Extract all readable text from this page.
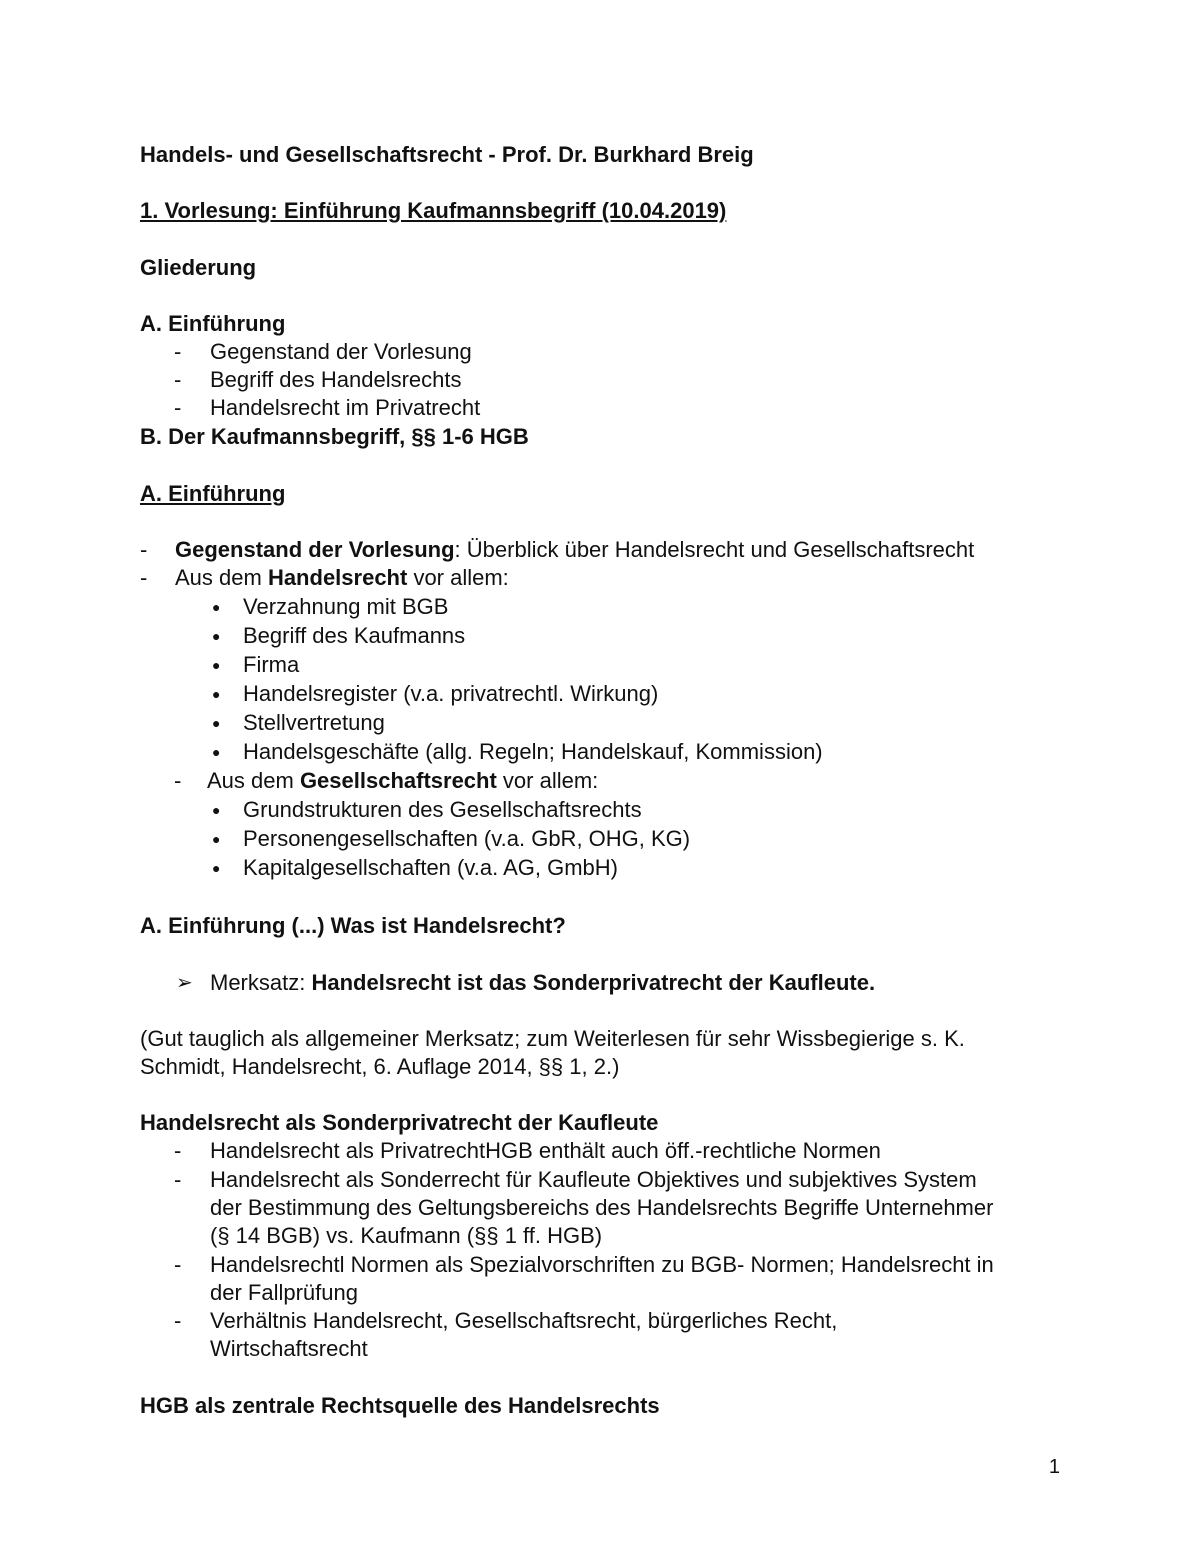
Handels- und Gesellschaftsrecht - Prof. Dr. Burkhard Breig
1. Vorlesung: Einführung Kaufmannsbegriff (10.04.2019)
Gliederung
A. Einführung
-	Gegenstand der Vorlesung
-	Begriff des Handelsrechts
-	Handelsrecht im Privatrecht
B. Der Kaufmannsbegriff, §§ 1-6 HGB
A. Einführung
-	Gegenstand der Vorlesung: Überblick über Handelsrecht und Gesellschaftsrecht
-	Aus dem Handelsrecht vor allem:
●	Verzahnung mit BGB
●	Begriff des Kaufmanns
●	Firma
●	Handelsregister (v.a. privatrechtl. Wirkung)
●	Stellvertretung
●	Handelsgeschäfte (allg. Regeln; Handelskauf, Kommission)
-	Aus dem Gesellschaftsrecht vor allem:
●	Grundstrukturen des Gesellschaftsrechts
●	Personengesellschaften (v.a. GbR, OHG, KG)
●	Kapitalgesellschaften (v.a. AG, GmbH)
A. Einführung (...) Was ist Handelsrecht?
➢ Merksatz: Handelsrecht ist das Sonderprivatrecht der Kaufleute.
(Gut tauglich als allgemeiner Merksatz; zum Weiterlesen für sehr Wissbegierige s. K.
Schmidt, Handelsrecht, 6. Auflage 2014, §§ 1, 2.)
Handelsrecht als Sonderprivatrecht der Kaufleute
-	Handelsrecht als PrivatrechtHGB enthält auch öff.-rechtliche Normen
-	Handelsrecht als Sonderrecht für Kaufleute Objektives und subjektives System
der Bestimmung des Geltungsbereichs des Handelsrechts Begriffe Unternehmer
(§ 14 BGB) vs. Kaufmann (§§ 1 ff. HGB)
-	Handelsrechtl Normen als Spezialvorschriften zu BGB- Normen; Handelsrecht in
der Fallprüfung
-	Verhältnis Handelsrecht, Gesellschaftsrecht, bürgerliches Recht,
Wirtschaftsrecht
HGB als zentrale Rechtsquelle des Handelsrechts
1
